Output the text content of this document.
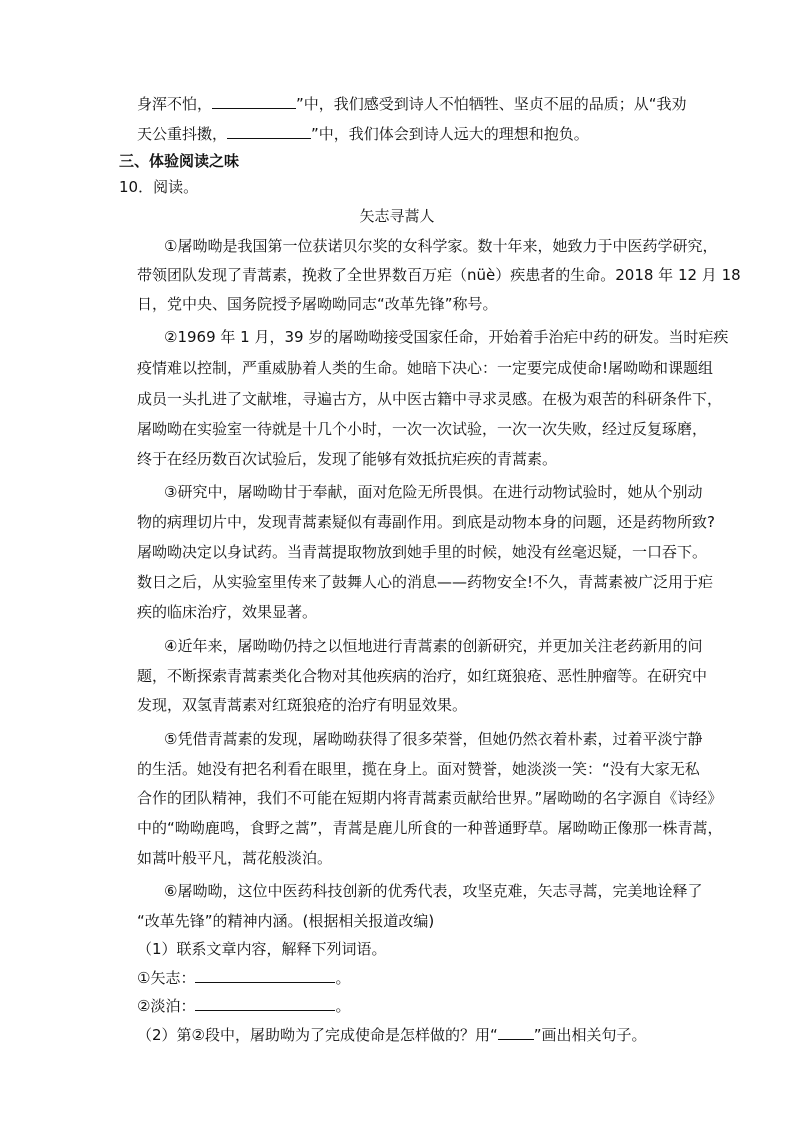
身浑不怕，	”中，我们感受到诗人不怕牺牲、坚贞不屈的品质；从“我劝
天公重抖擞，	”中，我们体会到诗人远大的理想和抱负。
三、体验阅读之味
10．阅读。
矢志寻蒿人
①屠呦呦是我国第一位获诺贝尔奖的女科学家。数十年来，她致力于中医药学研究，
带领团队发现了青蒿素，挽救了全世界数百万疟（nüè）疾患者的生命。2018 年 12 月 18
日，党中央、国务院授予屠呦呦同志“改革先锋”称号。
②1969 年 1 月，39 岁的屠呦呦接受国家任命，开始着手治疟中药的研发。当时疟疾
疫情难以控制，严重威胁着人类的生命。她暗下决心：一定要完成使命!屠呦呦和课题组
成员一头扎进了文献堆，寻遍古方，从中医古籍中寻求灵感。在极为艰苦的科研条件下，
屠呦呦在实验室一待就是十几个小时，一次一次试验，一次一次失败，经过反复琢磨，
终于在经历数百次试验后，发现了能够有效抵抗疟疾的青蒿素。
③研究中，屠呦呦甘于奉献，面对危险无所畏惧。在进行动物试验时，她从个别动
物的病理切片中，发现青蒿素疑似有毒副作用。到底是动物本身的问题，还是药物所致?
屠呦呦决定以身试药。当青蒿提取物放到她手里的时候，她没有丝毫迟疑，一口吞下。
数日之后，从实验室里传来了鼓舞人心的消息——药物安全!不久，青蒿素被广泛用于疟
疾的临床治疗，效果显著。
④近年来，屠呦呦仍持之以恒地进行青蒿素的创新研究，并更加关注老药新用的问
题，不断探索青蒿素类化合物对其他疾病的治疗，如红斑狼疮、恶性肿瘤等。在研究中
发现，双氢青蒿素对红斑狼疮的治疗有明显效果。
⑤凭借青蒿素的发现，屠呦呦获得了很多荣誉，但她仍然衣着朴素，过着平淡宁静
的生活。她没有把名利看在眼里，揽在身上。面对赞誉，她淡淡一笑：“没有大家无私
合作的团队精神，我们不可能在短期内将青蒿素贡献给世界。”屠呦呦的名字源自《诗经》
中的“呦呦鹿鸣，食野之蒿”，青蒿是鹿儿所食的一种普通野草。屠呦呦正像那一株青蒿，
如蒿叶般平凡，蒿花般淡泊。
⑥屠呦呦，这位中医药科技创新的优秀代表，攻坚克难，矢志寻蒿，完美地诠释了
“改革先锋”的精神内涵。(根据相关报道改编)
（1）联系文章内容，解释下列词语。
①矢志：	。
②淡泊：	。
（2）第②段中，屠助呦为了完成使命是怎样做的？用“ ”画出相关句子。
